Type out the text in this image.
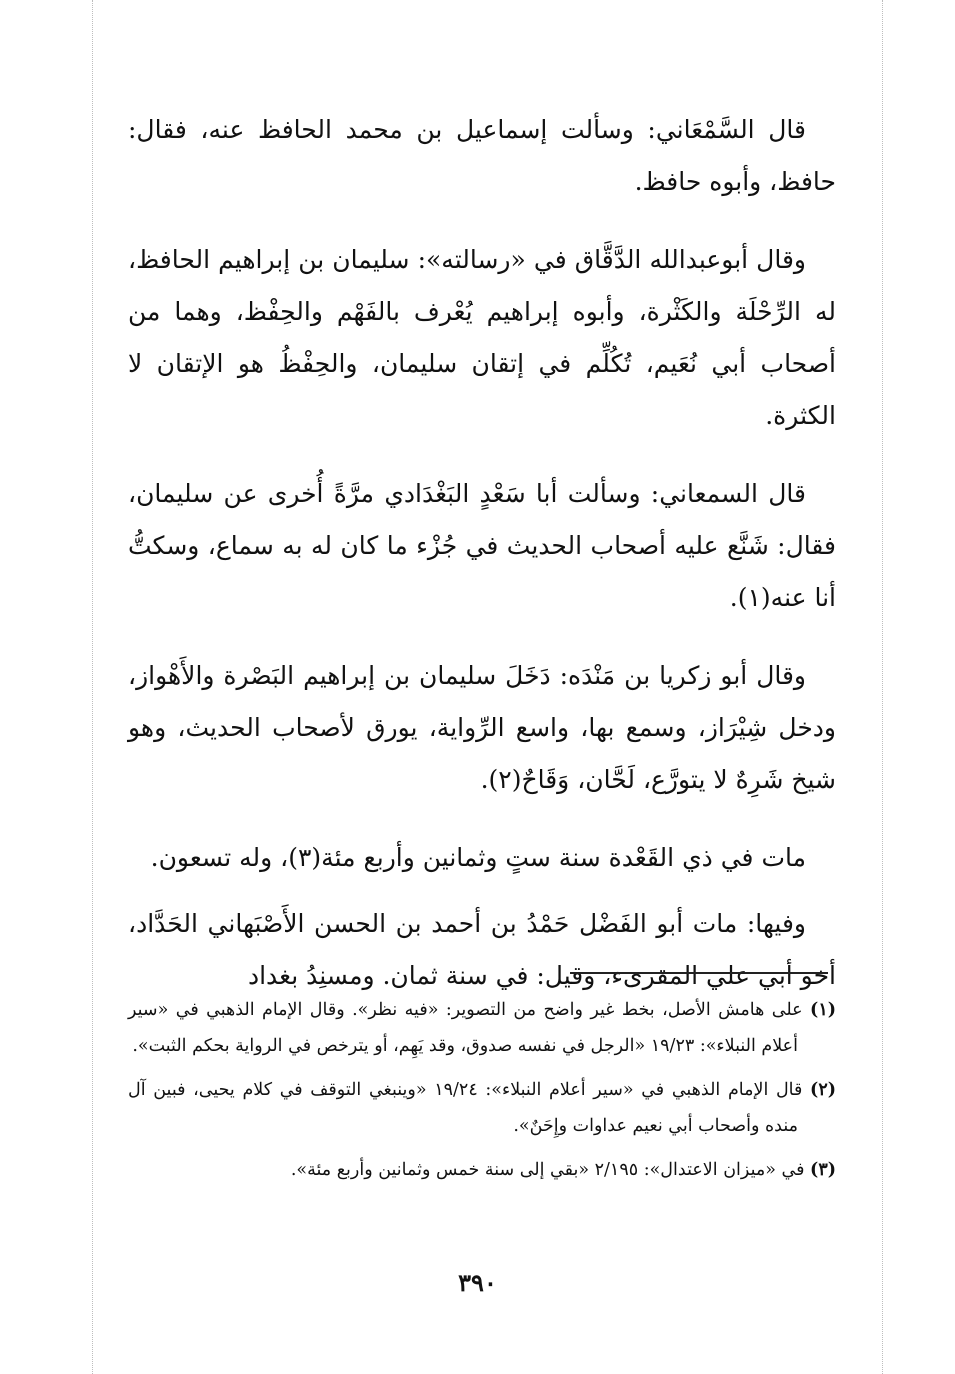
قال السَّمْعَاني: وسألت إسماعيل بن محمد الحافظ عنه، فقال: حافظ، وأبوه حافظ.

وقال أبوعبدالله الدَّقَّاق في «رسالته»: سليمان بن إبراهيم الحافظ، له الرِّحْلَة والكَثْرة، وأبوه إبراهيم يُعْرف بالفَهْم والحِفْظ، وهما من أصحاب أبي نُعَيم، تُكُلِّم في إتقان سليمان، والحِفْظُ هو الإتقان لا الكثرة.

قال السمعاني: وسألت أبا سَعْدٍ البَغْدَادي مرَّةً أُخرى عن سليمان، فقال: شَنَّع عليه أصحاب الحديث في جُزْء ما كان له به سماع، وسكتُّ أنا عنه(١).

وقال أبو زكريا بن مَنْدَه: دَخَلَ سليمان بن إبراهيم البَصْرة والأَهْواز، ودخل شِيْرَاز، وسمع بها، واسع الرِّواية، يورق لأصحاب الحديث، وهو شيخ شَرِهٌ لا يتورَّع، لَحَّان، وَقَاحٌ(٢).

مات في ذي القَعْدة سنة ستٍ وثمانين وأربع مئة(٣)، وله تسعون.

وفيها: مات أبو الفَضْل حَمْدُ بن أحمد بن الحسن الأَصْبَهاني الحَدَّاد، أخو أبي علي المقرىء، وقيل: في سنة ثمان. ومسنِدُ بغداد

(١) على هامش الأصل، بخط غير واضح من التصوير: «فيه نظر». وقال الإمام الذهبي في «سير أعلام النبلاء»: ١٩/٢٣ «الرجل في نفسه صدوق، وقد يَهِم، أو يترخص في الرواية بحكم الثبت».

(٢) قال الإمام الذهبي في «سير أعلام النبلاء»: ١٩/٢٤ «وينبغي التوقف في كلام يحيى، فبين آل منده وأصحاب أبي نعيم عداوات وإِحَنٌ».

(٣) في «ميزان الاعتدال»: ٢/١٩٥ «بقي إلى سنة خمس وثمانين وأربع مئة».

٣٩٠
